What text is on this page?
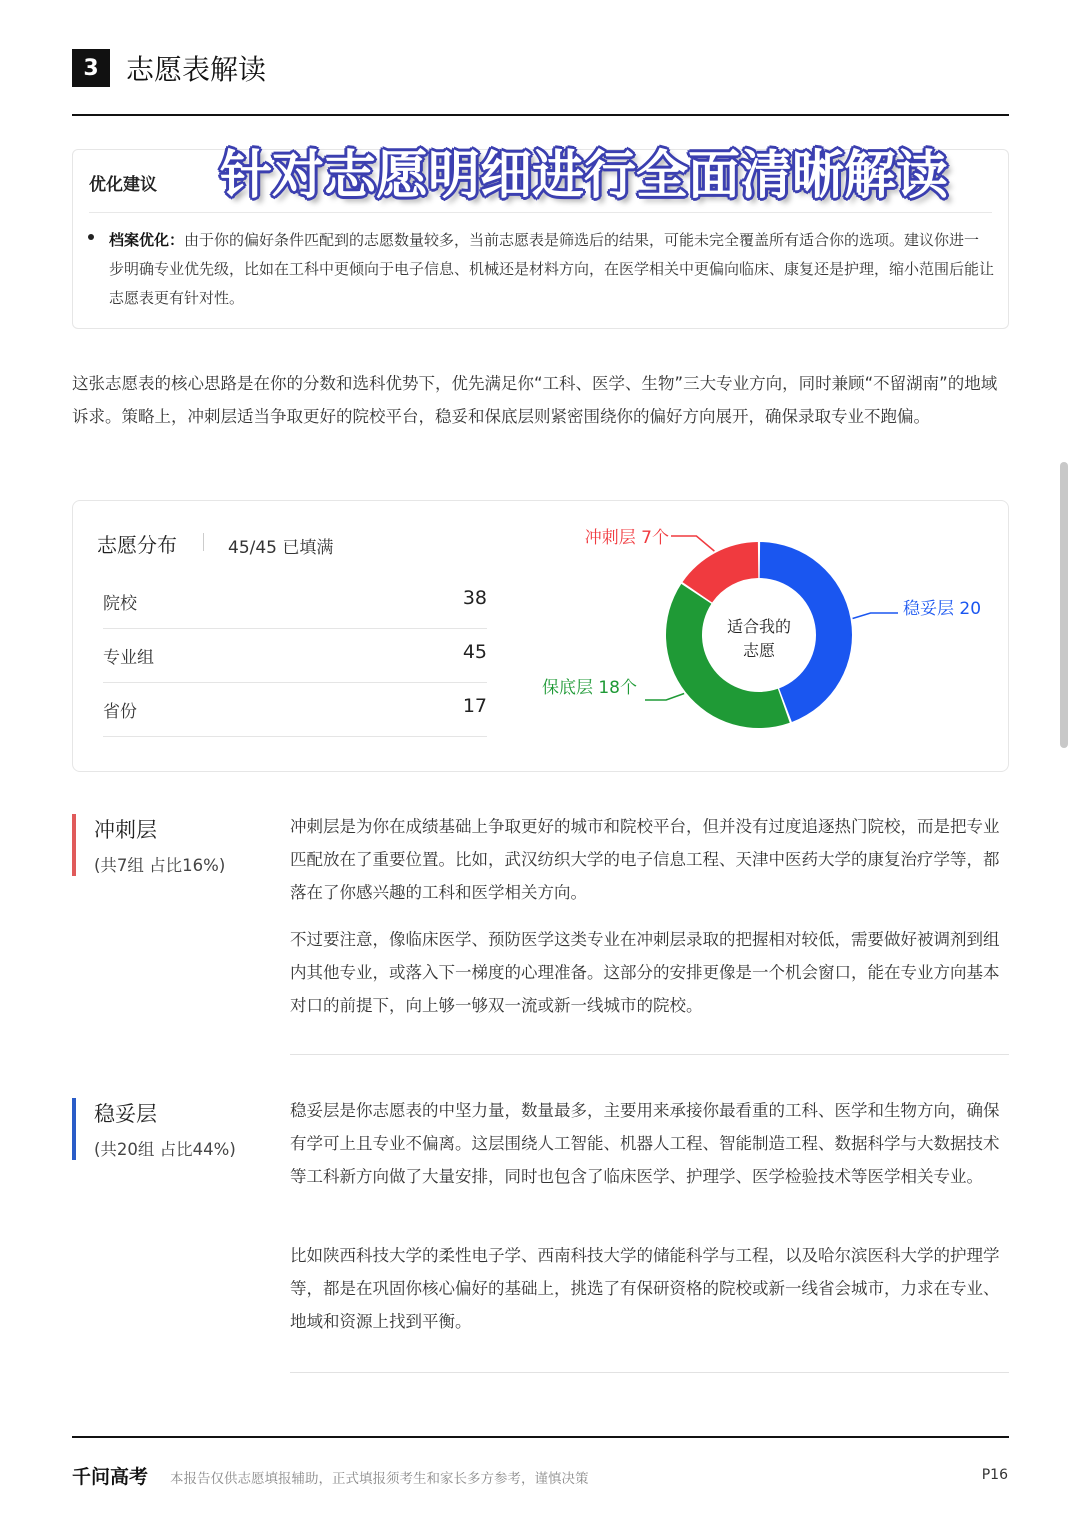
3 志愿表解读
优化建议
档案优化：由于你的偏好条件匹配到的志愿数量较多，当前志愿表是筛选后的结果，可能未完全覆盖所有适合你的选项。建议你进一步明确专业优先级，比如在工科中更倾向于电子信息、机械还是材料方向，在医学相关中更偏向临床、康复还是护理，缩小范围后能让志愿表更有针对性。
针对志愿明细进行全面清晰解读
这张志愿表的核心思路是在你的分数和选科优势下，优先满足你“工科、医学、生物”三大专业方向，同时兼顾“不留湖南”的地域诉求。策略上，冲刺层适当争取更好的院校平台，稳妥和保底层则紧密围绕你的偏好方向展开，确保录取专业不跑偏。
志愿分布	45/45 已填满
院校	38
专业组	45
省份	17
冲刺层 7个
稳妥层 20
保底层 18个
适合我的
志愿
冲刺层
(共7组 占比16%)
冲刺层是为你在成绩基础上争取更好的城市和院校平台，但并没有过度追逐热门院校，而是把专业匹配放在了重要位置。比如，武汉纺织大学的电子信息工程、天津中医药大学的康复治疗学等，都落在了你感兴趣的工科和医学相关方向。
不过要注意，像临床医学、预防医学这类专业在冲刺层录取的把握相对较低，需要做好被调剂到组内其他专业，或落入下一梯度的心理准备。这部分的安排更像是一个机会窗口，能在专业方向基本对口的前提下，向上够一够双一流或新一线城市的院校。
稳妥层
(共20组 占比44%)
稳妥层是你志愿表的中坚力量，数量最多，主要用来承接你最看重的工科、医学和生物方向，确保有学可上且专业不偏离。这层围绕人工智能、机器人工程、智能制造工程、数据科学与大数据技术等工科新方向做了大量安排，同时也包含了临床医学、护理学、医学检验技术等医学相关专业。
比如陕西科技大学的柔性电子学、西南科技大学的储能科学与工程，以及哈尔滨医科大学的护理学等，都是在巩固你核心偏好的基础上，挑选了有保研资格的院校或新一线省会城市，力求在专业、地域和资源上找到平衡。
千问高考 本报告仅供志愿填报辅助，正式填报须考生和家长多方参考，谨慎决策	P16
